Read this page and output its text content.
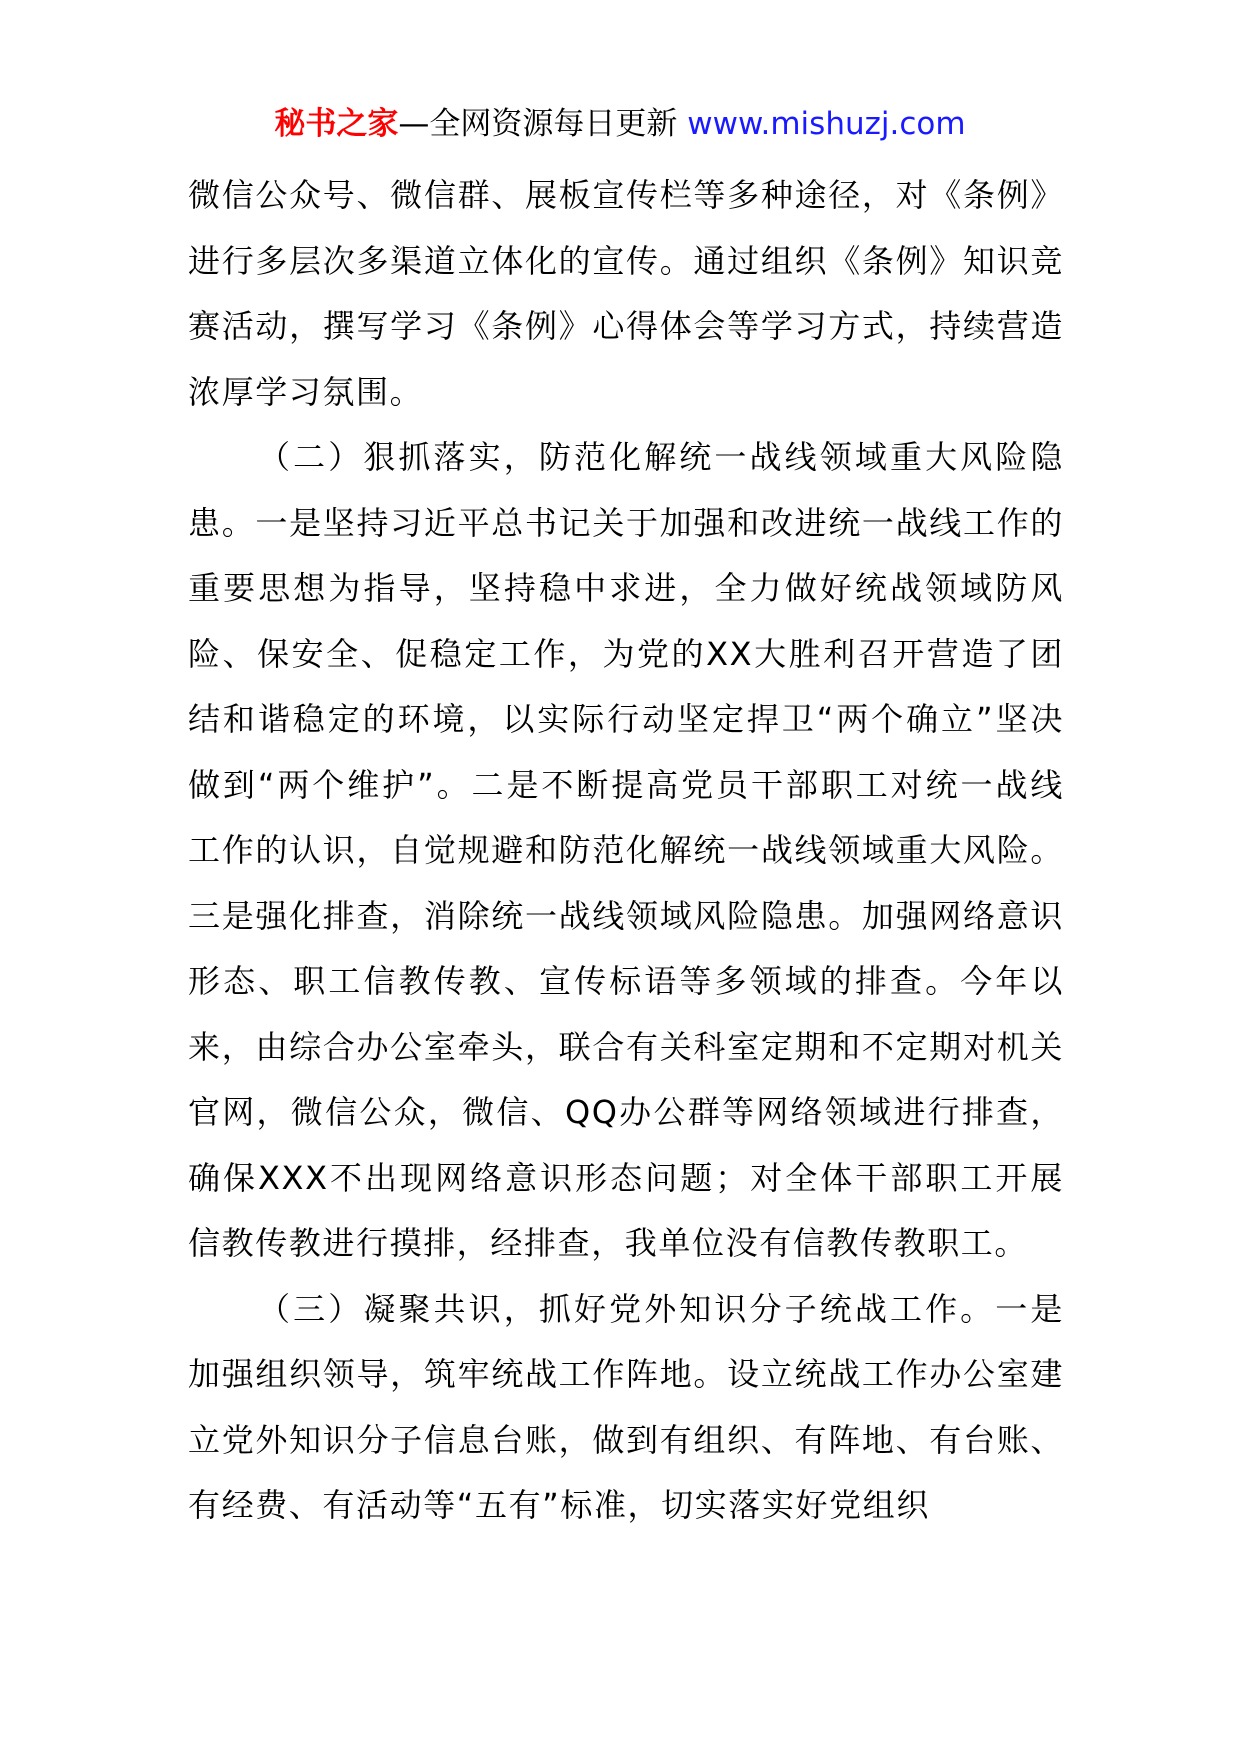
秘书之家—全网资源每日更新 www.mishuzj.com

微信公众号、微信群、展板宣传栏等多种途径，对《条例》进行多层次多渠道立体化的宣传。通过组织《条例》知识竞赛活动，撰写学习《条例》心得体会等学习方式，持续营造浓厚学习氛围。

（二）狠抓落实，防范化解统一战线领域重大风险隐患。一是坚持习近平总书记关于加强和改进统一战线工作的重要思想为指导，坚持稳中求进，全力做好统战领域防风险、保安全、促稳定工作，为党的XX大胜利召开营造了团结和谐稳定的环境，以实际行动坚定捍卫“两个确立”坚决做到“两个维护”。二是不断提高党员干部职工对统一战线工作的认识，自觉规避和防范化解统一战线领域重大风险。三是强化排查，消除统一战线领域风险隐患。加强网络意识形态、职工信教传教、宣传标语等多领域的排查。今年以来，由综合办公室牵头，联合有关科室定期和不定期对机关官网，微信公众，微信、QQ办公群等网络领域进行排查，确保XXX不出现网络意识形态问题；对全体干部职工开展信教传教进行摸排，经排查，我单位没有信教传教职工。

（三）凝聚共识，抓好党外知识分子统战工作。一是加强组织领导，筑牢统战工作阵地。设立统战工作办公室建立党外知识分子信息台账，做到有组织、有阵地、有台账、有经费、有活动等“五有”标准，切实落实好党组织
